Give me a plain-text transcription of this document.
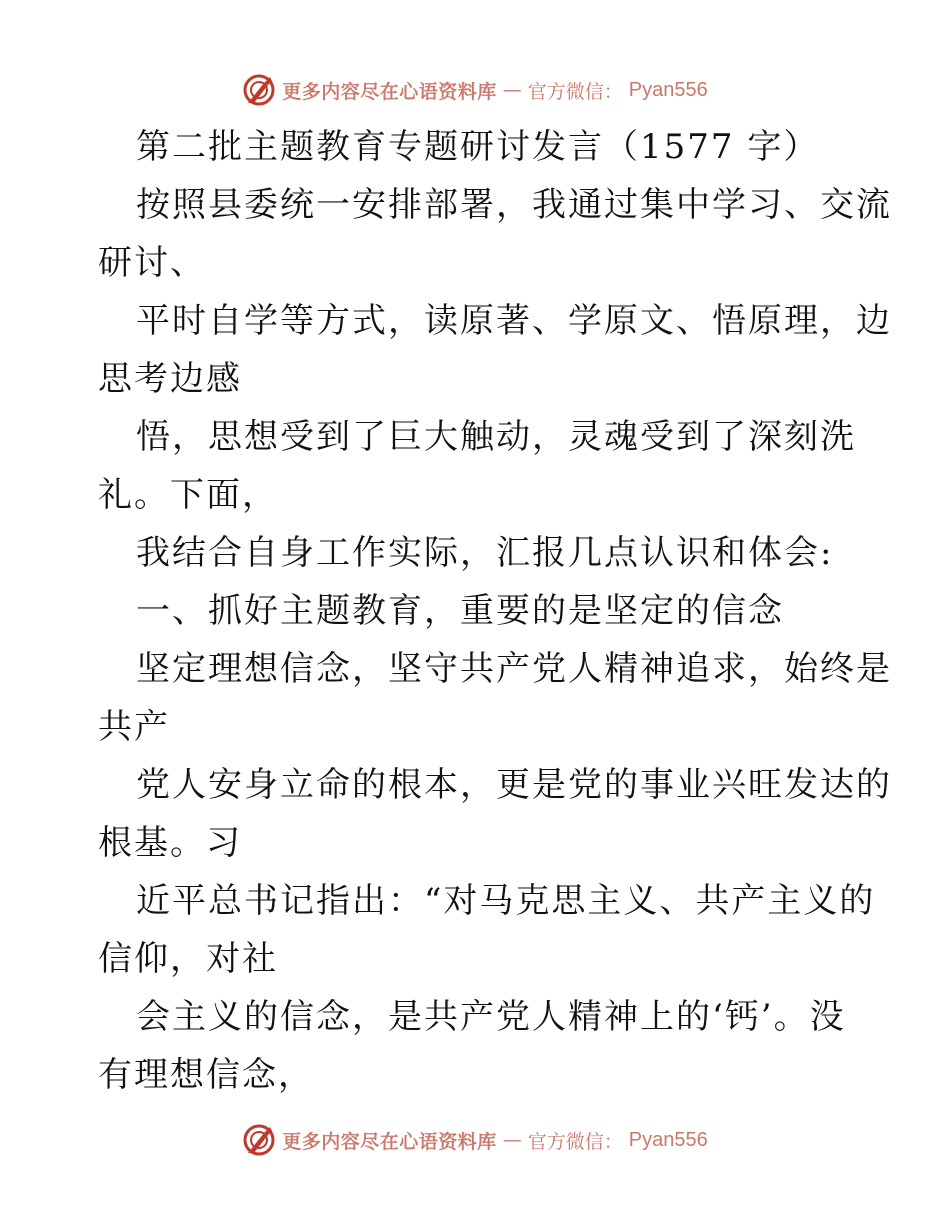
更多内容尽在心语资料库 — 官方微信： Pyan556
第二批主题教育专题研讨发言（1577 字）
按照县委统一安排部署，我通过集中学习、交流
研讨、
平时自学等方式，读原著、学原文、悟原理，边
思考边感
悟，思想受到了巨大触动，灵魂受到了深刻洗
礼。下面，
我结合自身工作实际，汇报几点认识和体会:
一、抓好主题教育，重要的是坚定的信念
坚定理想信念，坚守共产党人精神追求，始终是
共产
党人安身立命的根本，更是党的事业兴旺发达的
根基。习
近平总书记指出：“对马克思主义、共产主义的
信仰，对社
会主义的信念，是共产党人精神上的‘钙’。没
有理想信念，
更多内容尽在心语资料库 — 官方微信： Pyan556
